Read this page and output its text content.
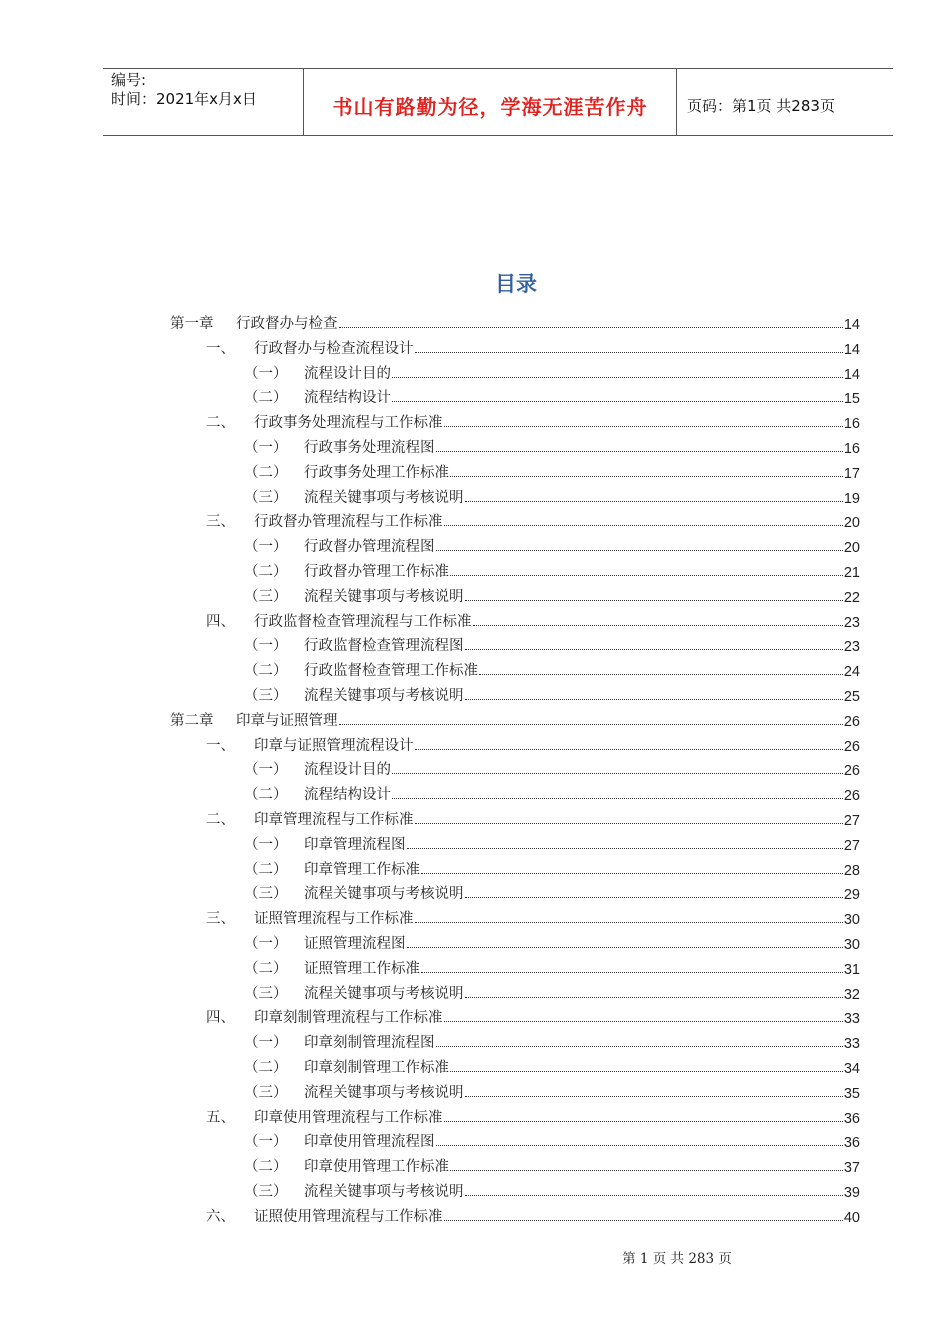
编号:
时间：2021年x月x日	书山有路勤为径，学海无涯苦作舟	页码：第1页 共283页
目录
第一章	行政督办与检查	14
一、	行政督办与检查流程设计	14
（一）	流程设计目的	14
（二）	流程结构设计	15
二、	行政事务处理流程与工作标准	16
（一）	行政事务处理流程图	16
（二）	行政事务处理工作标准	17
（三）	流程关键事项与考核说明	19
三、	行政督办管理流程与工作标准	20
（一）	行政督办管理流程图	20
（二）	行政督办管理工作标准	21
（三）	流程关键事项与考核说明	22
四、	行政监督检查管理流程与工作标准	23
（一）	行政监督检查管理流程图	23
（二）	行政监督检查管理工作标准	24
（三）	流程关键事项与考核说明	25
第二章	印章与证照管理	26
一、	印章与证照管理流程设计	26
（一）	流程设计目的	26
（二）	流程结构设计	26
二、	印章管理流程与工作标准	27
（一）	印章管理流程图	27
（二）	印章管理工作标准	28
（三）	流程关键事项与考核说明	29
三、	证照管理流程与工作标准	30
（一）	证照管理流程图	30
（二）	证照管理工作标准	31
（三）	流程关键事项与考核说明	32
四、	印章刻制管理流程与工作标准	33
（一）	印章刻制管理流程图	33
（二）	印章刻制管理工作标准	34
（三）	流程关键事项与考核说明	35
五、	印章使用管理流程与工作标准	36
（一）	印章使用管理流程图	36
（二）	印章使用管理工作标准	37
（三）	流程关键事项与考核说明	39
六、	证照使用管理流程与工作标准	40
第 1 页 共 283 页
